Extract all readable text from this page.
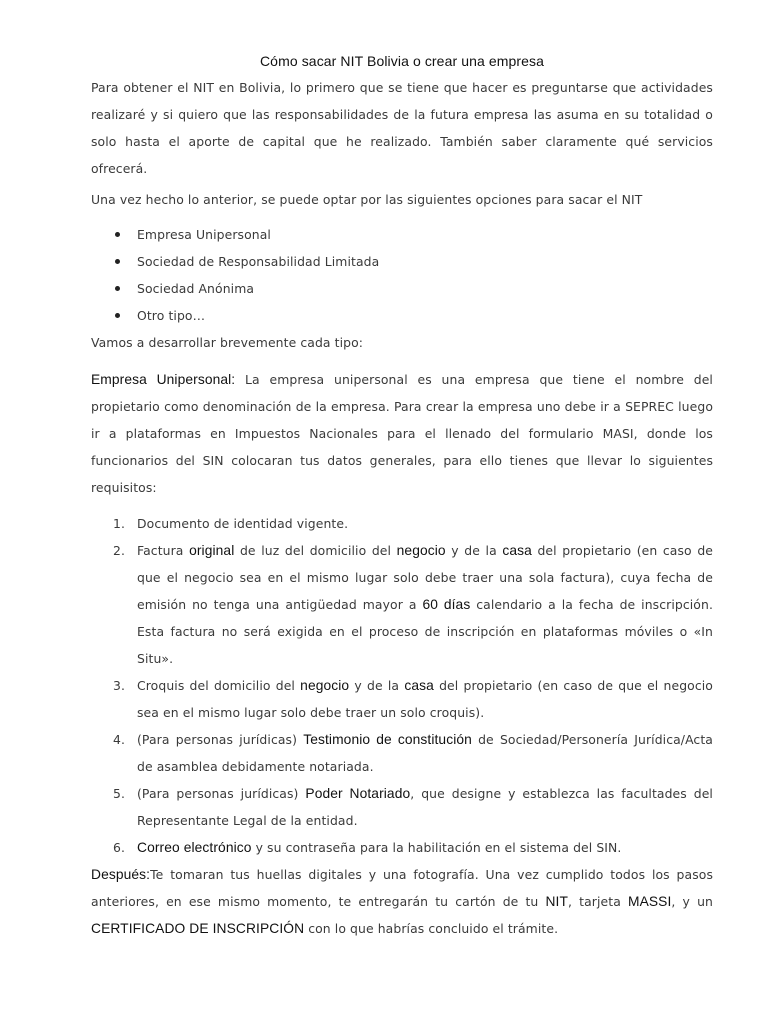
Cómo sacar NIT Bolivia o crear una empresa

Para obtener el NIT en Bolivia, lo primero que se tiene que hacer es preguntarse que actividades realizaré y si quiero que las responsabilidades de la futura empresa las asuma en su totalidad o solo hasta el aporte de capital que he realizado. También saber claramente qué servicios ofrecerá.

Una vez hecho lo anterior, se puede optar por las siguientes opciones para sacar el NIT

Empresa Unipersonal
Sociedad de Responsabilidad Limitada
Sociedad Anónima
Otro tipo…

Vamos a desarrollar brevemente cada tipo:

Empresa Unipersonal: La empresa unipersonal es una empresa que tiene el nombre del propietario como denominación de la empresa. Para crear la empresa uno debe ir a SEPREC luego ir a plataformas en Impuestos Nacionales para el llenado del formulario MASI, donde los funcionarios del SIN colocaran tus datos generales, para ello tienes que llevar lo siguientes requisitos:

1. Documento de identidad vigente.
2. Factura original de luz del domicilio del negocio y de la casa del propietario (en caso de que el negocio sea en el mismo lugar solo debe traer una sola factura), cuya fecha de emisión no tenga una antigüedad mayor a 60 días calendario a la fecha de inscripción. Esta factura no será exigida en el proceso de inscripción en plataformas móviles o «In Situ».
3. Croquis del domicilio del negocio y de la casa del propietario (en caso de que el negocio sea en el mismo lugar solo debe traer un solo croquis).
4. (Para personas jurídicas) Testimonio de constitución de Sociedad/Personería Jurídica/Acta de asamblea debidamente notariada.
5. (Para personas jurídicas) Poder Notariado, que designe y establezca las facultades del Representante Legal de la entidad.
6. Correo electrónico y su contraseña para la habilitación en el sistema del SIN.

Después:Te tomaran tus huellas digitales y una fotografía. Una vez cumplido todos los pasos anteriores, en ese mismo momento, te entregarán tu cartón de tu NIT, tarjeta MASSI, y un CERTIFICADO DE INSCRIPCIÓN con lo que habrías concluido el trámite.
